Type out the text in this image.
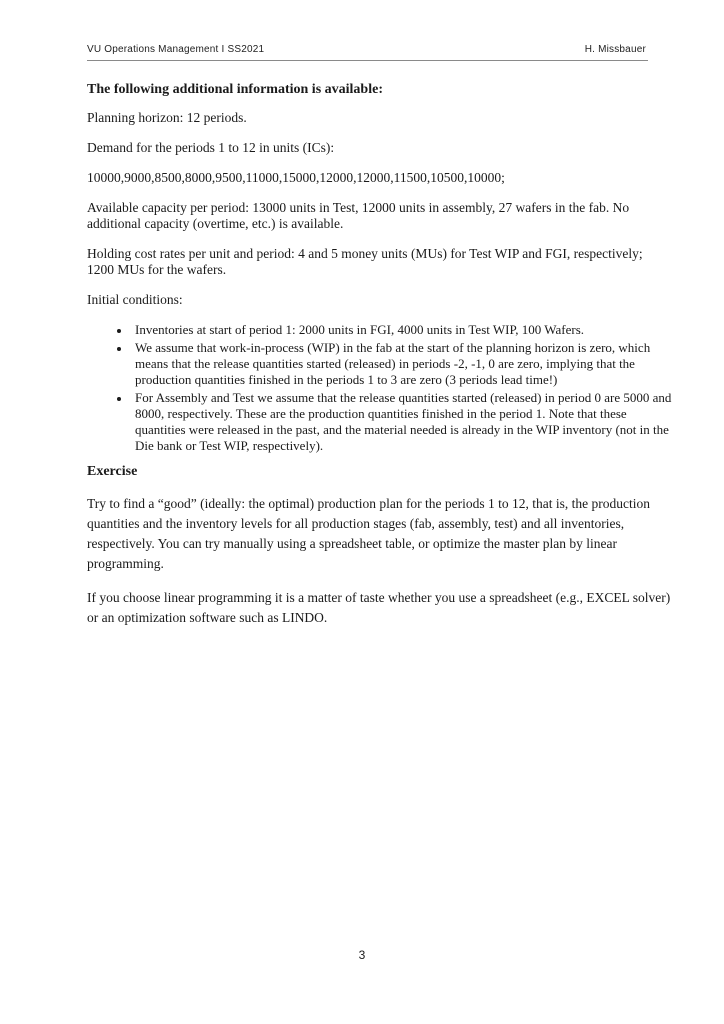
VU Operations Management I SS2021	H. Missbauer
The following additional information is available:

Planning horizon: 12 periods.

Demand for the periods 1 to 12 in units (ICs):

10000,9000,8500,8000,9500,11000,15000,12000,12000,11500,10500,10000;

Available capacity per period: 13000 units in Test, 12000 units in assembly, 27 wafers in the fab. No additional capacity (overtime, etc.) is available.

Holding cost rates per unit and period: 4 and 5 money units (MUs) for Test WIP and FGI, respectively; 1200 MUs for the wafers.

Initial conditions:

• Inventories at start of period 1: 2000 units in FGI, 4000 units in Test WIP, 100 Wafers.
• We assume that work-in-process (WIP) in the fab at the start of the planning horizon is zero, which means that the release quantities started (released) in periods -2, -1, 0 are zero, implying that the production quantities finished in the periods 1 to 3 are zero (3 periods lead time!)
• For Assembly and Test we assume that the release quantities started (released) in period 0 are 5000 and 8000, respectively. These are the production quantities finished in the period 1. Note that these quantities were released in the past, and the material needed is already in the WIP inventory (not in the Die bank or Test WIP, respectively).
Exercise

Try to find a “good” (ideally: the optimal) production plan for the periods 1 to 12, that is, the production quantities and the inventory levels for all production stages (fab, assembly, test) and all inventories, respectively. You can try manually using a spreadsheet table, or optimize the master plan by linear programming.

If you choose linear programming it is a matter of taste whether you use a spreadsheet (e.g., EXCEL solver) or an optimization software such as LINDO.

3
